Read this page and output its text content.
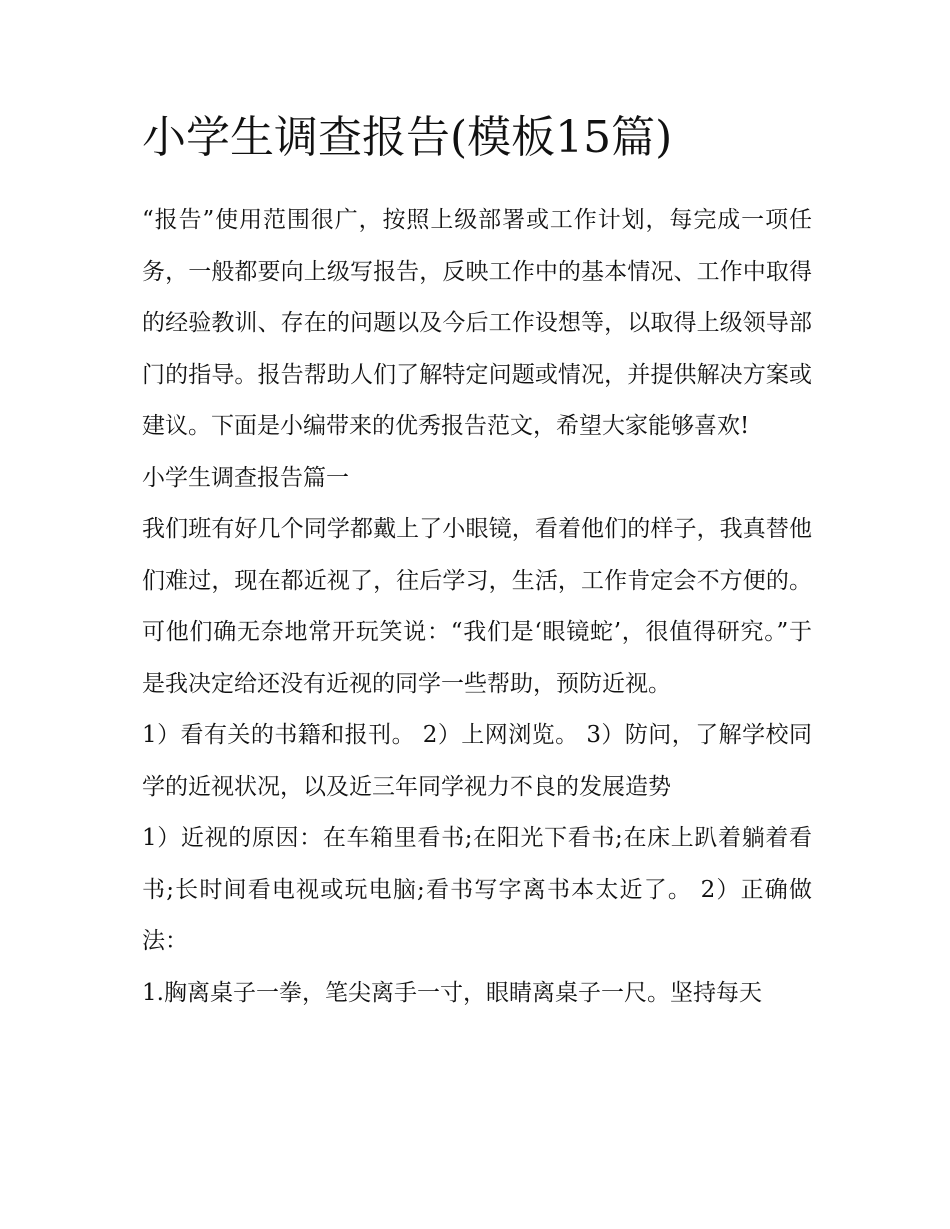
小学生调查报告(模板15篇)

“报告”使用范围很广，按照上级部署或工作计划，每完成一项任务，一般都要向上级写报告，反映工作中的基本情况、工作中取得的经验教训、存在的问题以及今后工作设想等，以取得上级领导部门的指导。报告帮助人们了解特定问题或情况，并提供解决方案或建议。下面是小编带来的优秀报告范文，希望大家能够喜欢!

小学生调查报告篇一

我们班有好几个同学都戴上了小眼镜，看着他们的样子，我真替他们难过，现在都近视了，往后学习，生活，工作肯定会不方便的。可他们确无奈地常开玩笑说：“我们是‘眼镜蛇’，很值得研究。”于是我决定给还没有近视的同学一些帮助，预防近视。

1）看有关的书籍和报刊。 2）上网浏览。 3）防问，了解学校同学的近视状况，以及近三年同学视力不良的发展造势

1）近视的原因：在车箱里看书;在阳光下看书;在床上趴着躺着看书;长时间看电视或玩电脑;看书写字离书本太近了。 2）正确做法：

1.胸离桌子一拳，笔尖离手一寸，眼睛离桌子一尺。坚持每天
